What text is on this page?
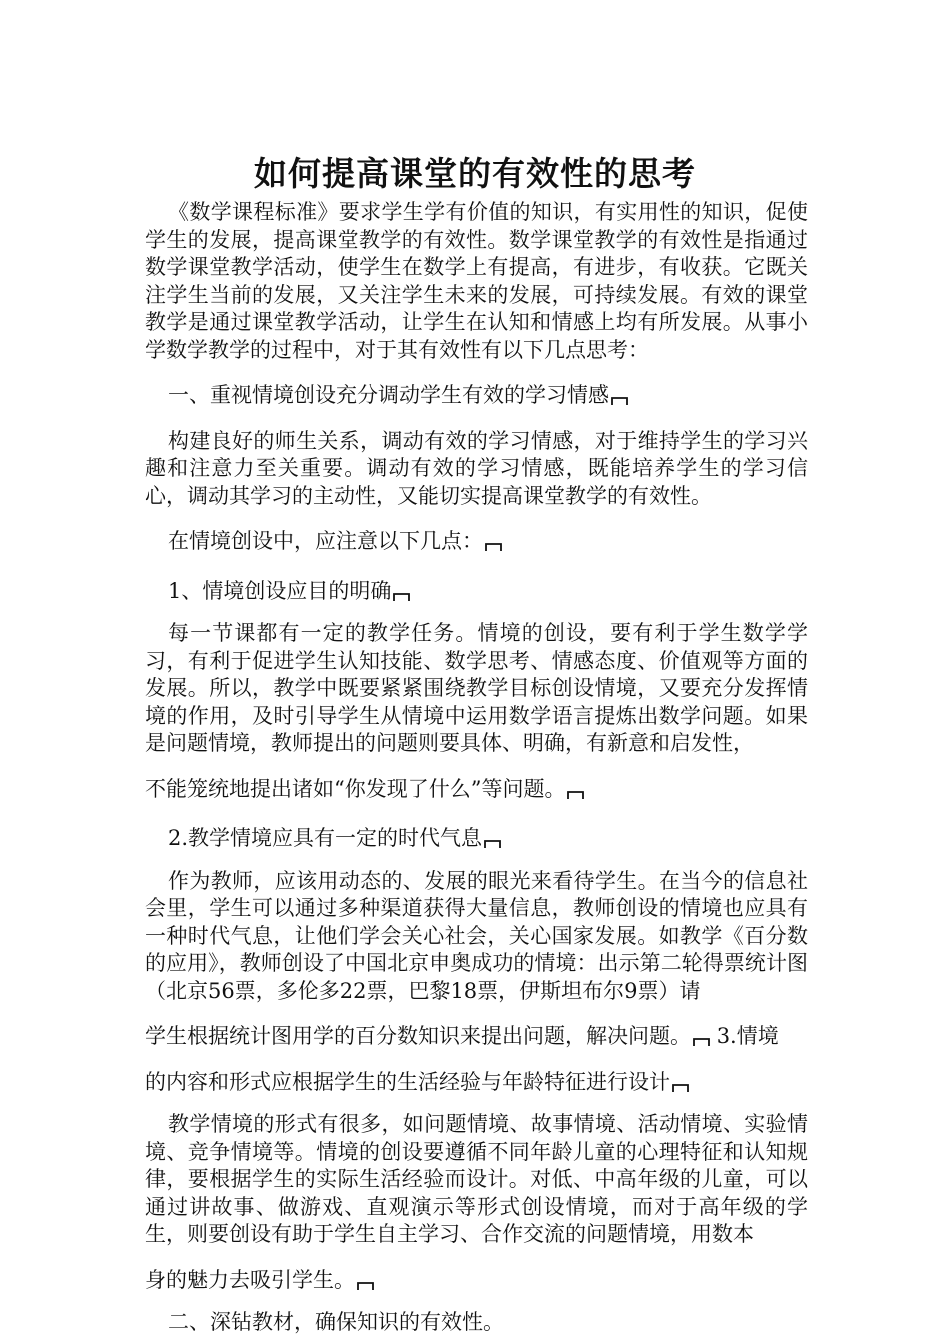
如何提高课堂的有效性的思考

《数学课程标准》要求学生学有价值的知识，有实用性的知识，促使学生的发展，提高课堂教学的有效性。数学课堂教学的有效性是指通过数学课堂教学活动，使学生在数学上有提高，有进步，有收获。它既关注学生当前的发展，又关注学生未来的发展，可持续发展。有效的课堂教学是通过课堂教学活动，让学生在认知和情感上均有所发展。从事小学数学教学的过程中，对于其有效性有以下几点思考：

一、重视情境创设充分调动学生有效的学习情感

构建良好的师生关系，调动有效的学习情感，对于维持学生的学习兴趣和注意力至关重要。调动有效的学习情感，既能培养学生的学习信心，调动其学习的主动性，又能切实提高课堂教学的有效性。

在情境创设中，应注意以下几点：

1、情境创设应目的明确

每一节课都有一定的教学任务。情境的创设，要有利于学生数学学习，有利于促进学生认知技能、数学思考、情感态度、价值观等方面的发展。所以，教学中既要紧紧围绕教学目标创设情境，又要充分发挥情境的作用，及时引导学生从情境中运用数学语言提炼出数学问题。如果是问题情境，教师提出的问题则要具体、明确，有新意和启发性，

不能笼统地提出诸如“你发现了什么”等问题。

2.教学情境应具有一定的时代气息

作为教师，应该用动态的、发展的眼光来看待学生。在当今的信息社会里，学生可以通过多种渠道获得大量信息，教师创设的情境也应具有一种时代气息，让他们学会关心社会，关心国家发展。如教学《百分数的应用》，教师创设了中国北京申奥成功的情境：出示第二轮得票统计图（北京56票，多伦多22票，巴黎18票，伊斯坦布尔9票）请

学生根据统计图用学的百分数知识来提出问题，解决问题。 3.情境

的内容和形式应根据学生的生活经验与年龄特征进行设计

教学情境的形式有很多，如问题情境、故事情境、活动情境、实验情境、竞争情境等。情境的创设要遵循不同年龄儿童的心理特征和认知规律，要根据学生的实际生活经验而设计。对低、中高年级的儿童，可以通过讲故事、做游戏、直观演示等形式创设情境，而对于高年级的学生，则要创设有助于学生自主学习、合作交流的问题情境，用数本

身的魅力去吸引学生。

二、深钻教材，确保知识的有效性。
